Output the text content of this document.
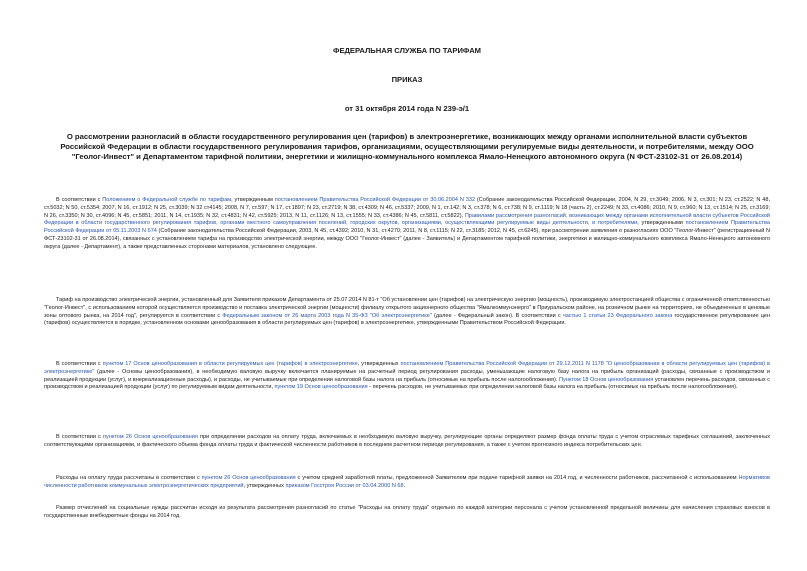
ФЕДЕРАЛЬНАЯ СЛУЖБА ПО ТАРИФАМ
ПРИКАЗ
от 31 октября 2014 года N 239-э/1
О рассмотрении разногласий в области государственного регулирования цен (тарифов) в электроэнергетике, возникающих между органами исполнительной власти субъектов Российской Федерации в области государственного регулирования тарифов, организациями, осуществляющими регулируемые виды деятельности, и потребителями, между ООО "Геолог-Инвест" и Департаментом тарифной политики, энергетики и жилищно-коммунального комплекса Ямало-Ненецкого автономного округа (N ФСТ-23102-31 от 26.08.2014)

В соответствии с Положением о Федеральной службе по тарифам, утвержденным постановлением Правительства Российской Федерации от 30.06.2004 N 332 (Собрание законодательства Российской Федерации, 2004, N 29, ст.3049; 2006, N 3, ст.301; N 23, ст.2522; N 48, ст.5032; N 50, ст.5354; 2007, N 16, ст.1912; N 25, ст.3039; N 32 ст4145; 2008, N 7, ст.597; N 17, ст.1897; N 23, ст.2719; N 38, ст.4309; N 46, ст.5337; 2009, N 1, ст.142; N 3, ст.378; N 6, ст.738; N 9, ст.1119; N 18 (часть 2), ст.2249; N 33, ст.4086; 2010, N 9, ст.960; N 13, ст.1514; N 25, ст.3169; N 26, ст.3350; N 30, ст.4096; N 45, ст.5851; 2011, N 14, ст.1935; N 32, ст.4831; N 42, ст.5925; 2013, N 11, ст.1126; N 13, ст.1555; N 33, ст.4386; N 45, ст.5811, ст.5822), Правилами рассмотрения разногласий, возникающих между органами исполнительной власти субъектов Российской Федерации в области государственного регулирования тарифов, органами местного самоуправления поселений, городских округов, организациями, осуществляющими регулируемые виды деятельности, и потребителями, утвержденными постановлением Правительства Российской Федерации от 05.11.2003 N 674 (Собрание законодательства Российской Федерации, 2003, N 45, ст.4392; 2010, N 31, ст.4270; 2011, N 8, ст.1115; N 22, ст.3185; 2012, N 45, ст.6245), при рассмотрении заявления о разногласиях ООО "Геолог-Инвест" (регистрационный N ФСТ-23102-31 от 26.08.2014), связанных с установлением тарифа на производство электрической энергии, между ООО "Геолог-Инвест" (далее - Заявитель) и Департаментом тарифной политики, энергетики и жилищно-коммунального комплекса Ямало-Ненецкого автономного округа (далее - Департамент), а также представленных сторонами материалов, установлено следующее.

Тариф на производство электрической энергии, установленный для Заявителя приказом Департамента от 25.07.2014 N 81-т "Об установлении цен (тарифов) на электрическую энергию (мощность), производимую электростанцией общества с ограниченной ответственностью "Геолог-Инвест", с использованием которой осуществляется производство и поставка электрической энергии (мощности) филиалу открытого акционерного общества "Ямалкоммунэнерго" в Приуральском районе, на розничном рынке на территориях, не объединенных в ценовые зоны оптового рынка, на 2014 год", регулируется в соответствии с Федеральным законом от 26 марта 2003 года N 35-ФЗ "Об электроэнергетике" (далее - Федеральный закон). В соответствии с частью 1 статьи 23 Федерального закона государственное регулирование цен (тарифов) осуществляется в порядке, установленном основами ценообразования в области регулируемых цен (тарифов) в электроэнергетике, утвержденными Правительством Российской Федерации.

В соответствии с пунктом 17 Основ ценообразования в области регулируемых цен (тарифов) в электроэнергетике, утвержденных постановлением Правительства Российской Федерации от 29.12.2011 N 1178 "О ценообразовании в области регулируемых цен (тарифов) в электроэнергетике" (далее - Основы ценообразования), в необходимую валовую выручку включается планируемые на расчетный период регулирования расходы, уменьшающие налоговую базу налога на прибыль организаций (расходы, связанные с производством и реализацией продукции (услуг), и внереализационные расходы), и расходы, не учитываемые при определении налоговой базы налога на прибыль (относимые на прибыль после налогообложения). Пунктом 18 Основ ценообразования установлен перечень расходов, связанных с производством и реализацией продукции (услуг) по регулируемым видам деятельности, пунктом 19 Основ ценообразования - перечень расходов, не учитываемых при определении налоговой базы налога на прибыль (относимых на прибыль после налогообложения).

В соответствии с пунктом 26 Основ ценообразования при определении расходов на оплату труда, включаемых в необходимую валовую выручку, регулирующие органы определяют размер фонда оплаты труда с учетом отраслевых тарифных соглашений, заключенных соответствующими организациями, и фактического объема фонда оплаты труда и фактической численности работников в последнем расчетном периоде регулирования, а также с учетом прогнозного индекса потребительских цен.

Расходы на оплату труда рассчитаны в соответствии с пунктом 26 Основ ценообразования с учетом средней заработной платы, предложенной Заявителем при подаче тарифной заявки на 2014 год, и численности работников, рассчитанной с использованием Нормативов численности работников коммунальных электроэнергетических предприятий, утвержденных приказом Госстроя России от 03.04.2000 N 68.

Размер отчислений на социальные нужды рассчитан исходя из результата рассмотрения разногласий по статье "Расходы на оплату труда" отдельно по каждой категории персонала с учетом установленной предельной величины для начисления страховых взносов в государственные внебюджетные фонды на 2014 год.
